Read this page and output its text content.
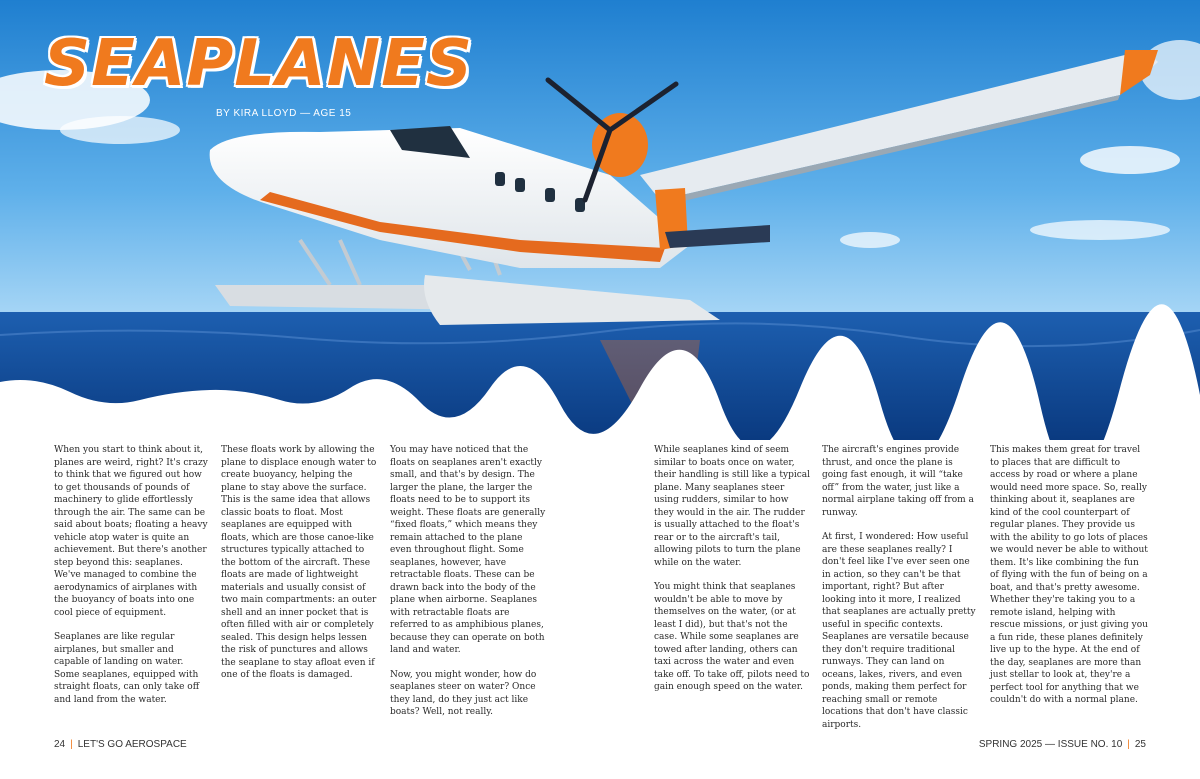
SEAPLANES
BY KIRA LLOYD — AGE 15

When you start to think about it, planes are weird, right? It's crazy to think that we figured out how to get thousands of pounds of machinery to glide effortlessly through the air. The same can be said about boats; floating a heavy vehicle atop water is quite an achievement. But there's another step beyond this: seaplanes. We've managed to combine the aerodynamics of airplanes with the buoyancy of boats into one cool piece of equipment.

Seaplanes are like regular airplanes, but smaller and capable of landing on water. Some seaplanes, equipped with straight floats, can only take off and land from the water.

These floats work by allowing the plane to displace enough water to create buoyancy, helping the plane to stay above the surface. This is the same idea that allows classic boats to float. Most seaplanes are equipped with floats, which are those canoe-like structures typically attached to the bottom of the aircraft. These floats are made of lightweight materials and usually consist of two main compartments: an outer shell and an inner pocket that is often filled with air or completely sealed. This design helps lessen the risk of punctures and allows the seaplane to stay afloat even if one of the floats is damaged.

You may have noticed that the floats on seaplanes aren't exactly small, and that's by design. The larger the plane, the larger the floats need to be to support its weight. These floats are generally “fixed floats,” which means they remain attached to the plane even throughout flight. Some seaplanes, however, have retractable floats. These can be drawn back into the body of the plane when airborne. Seaplanes with retractable floats are referred to as amphibious planes, because they can operate on both land and water.

Now, you might wonder, how do seaplanes steer on water? Once they land, do they just act like boats? Well, not really.

While seaplanes kind of seem similar to boats once on water, their handling is still like a typical plane. Many seaplanes steer using rudders, similar to how they would in the air. The rudder is usually attached to the float's rear or to the aircraft's tail, allowing pilots to turn the plane while on the water.

You might think that seaplanes wouldn't be able to move by themselves on the water, (or at least I did), but that's not the case. While some seaplanes are towed after landing, others can taxi across the water and even take off. To take off, pilots need to gain enough speed on the water.

The aircraft's engines provide thrust, and once the plane is going fast enough, it will “take off” from the water, just like a normal airplane taking off from a runway.

At first, I wondered: How useful are these seaplanes really? I don't feel like I've ever seen one in action, so they can't be that important, right? But after looking into it more, I realized that seaplanes are actually pretty useful in specific contexts. Seaplanes are versatile because they don't require traditional runways. They can land on oceans, lakes, rivers, and even ponds, making them perfect for reaching small or remote locations that don't have classic airports.

This makes them great for travel to places that are difficult to access by road or where a plane would need more space. So, really thinking about it, seaplanes are kind of the cool counterpart of regular planes. They provide us with the ability to go lots of places we would never be able to without them. It's like combining the fun of flying with the fun of being on a boat, and that's pretty awesome. Whether they're taking you to a remote island, helping with rescue missions, or just giving you a fun ride, these planes definitely live up to the hype. At the end of the day, seaplanes are more than just stellar to look at, they're a perfect tool for anything that we couldn't do with a normal plane.

24 | LET'S GO AEROSPACE	SPRING 2025 — ISSUE NO. 10 | 25
